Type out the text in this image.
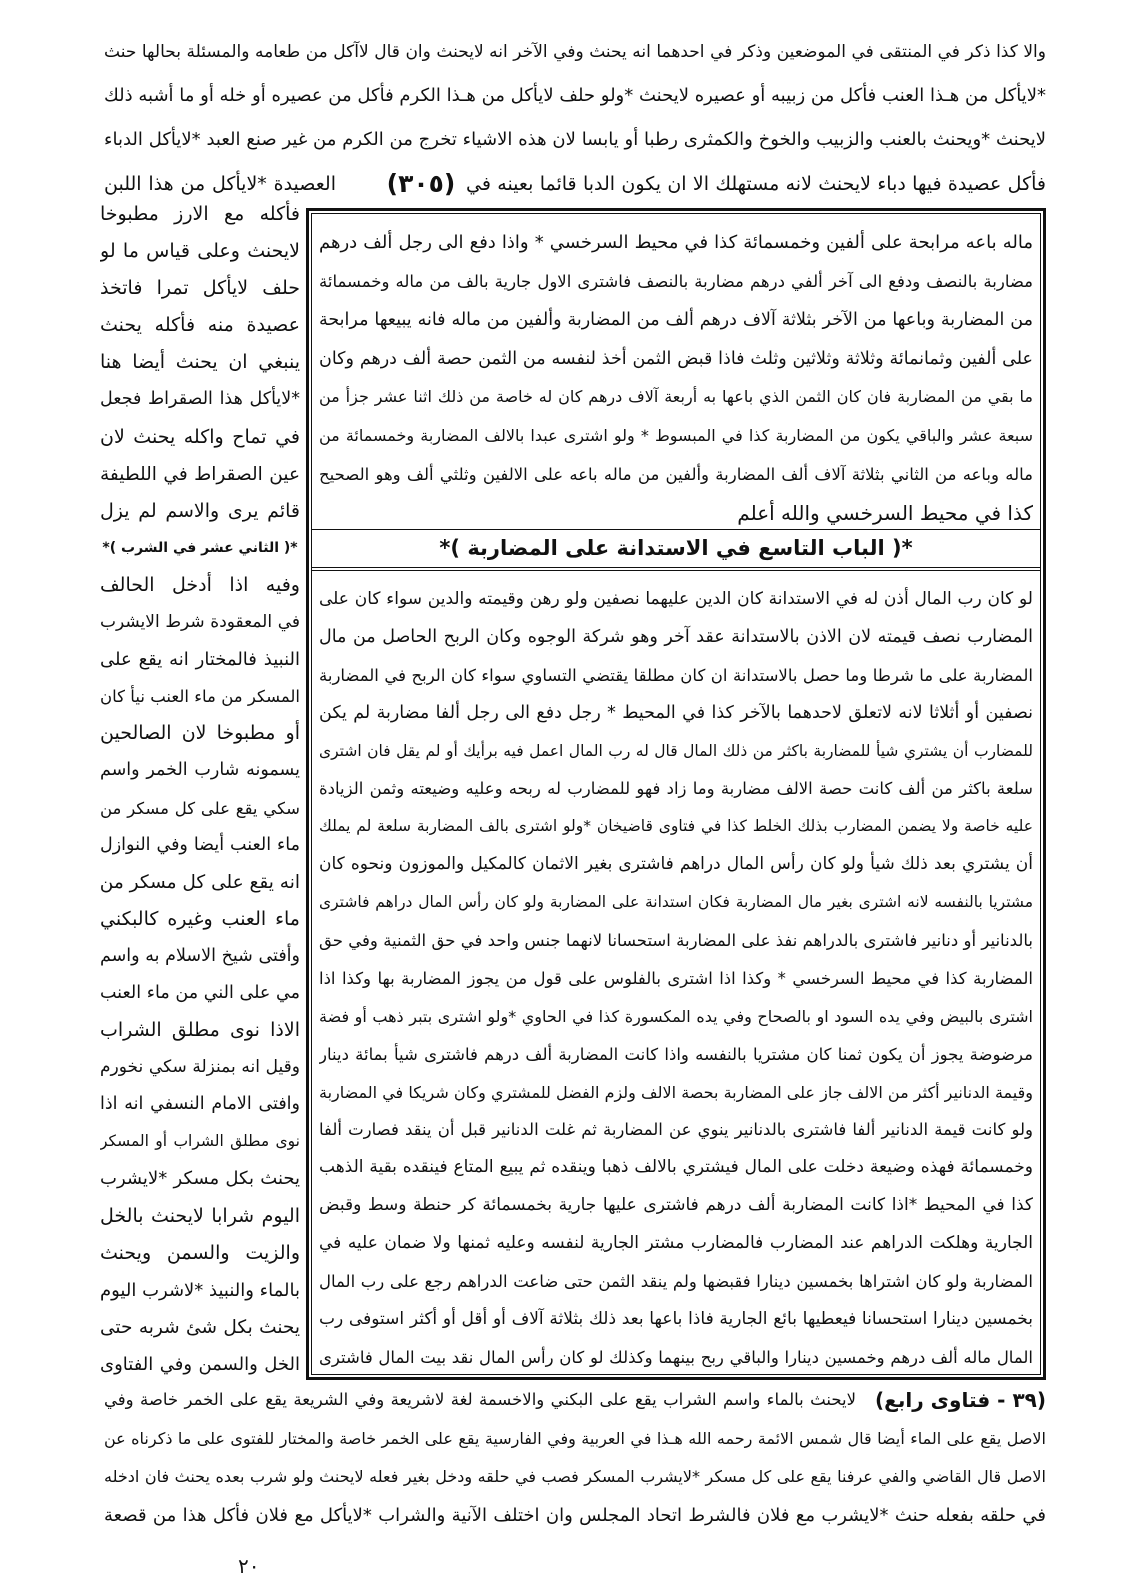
والا كذا ذكر في المنتقى في الموضعين وذكر في احدهما انه يحنث وفي الآخر انه لايحنث وان قال لاآكل من طعامه والمسئلة بحالها حنث
*لايأكل من هـذا العنب فأكل من زبيبه أو عصيره لايحنث *ولو حلف لايأكل من هـذا الكرم فأكل من عصيره أو خله أو ما أشبه ذلك
لايحنث *ويحنث بالعنب والزبيب والخوخ والكمثرى رطبا أو يابسا لان هذه الاشياء تخرج من الكرم من غير صنع العبد *لايأكل الدباء
فأكل عصيدة فيها دباء لايحنث لانه مستهلك الا ان يكون الدبا قائما بعينه في
(٣٠٥)
العصيدة *لايأكل من هذا اللبن
فأكله مع الارز مطبوخا
لايحنث وعلى قياس ما لو
حلف لايأكل تمرا فاتخذ
عصيدة منه فأكله يحنث
ينبغي ان يحنث أيضا هنا
*لايأكل هذا الصقراط فجعل
في تماح واكله يحنث لان
عين الصقراط في اللطيفة
قائم يرى والاسم لم يزل
*( الثاني عشر في الشرب )*
وفيه اذا أدخل الحالف
في المعقودة شرط الايشرب
النبيذ فالمختار انه يقع على
المسكر من ماء العنب نيأ كان
أو مطبوخا لان الصالحين
يسمونه شارب الخمر واسم
سكي يقع على كل مسكر من
ماء العنب أيضا وفي النوازل
انه يقع على كل مسكر من
ماء العنب وغيره كالبكني
وأفتى شيخ الاسلام به واسم
مي على الني من ماء العنب
الاذا نوى مطلق الشراب
وقيل انه بمنزلة سكي نخورم
وافتى الامام النسفي انه اذا
نوى مطلق الشراب أو المسكر
يحنث بكل مسكر *لايشرب
اليوم شرابا لايحنث بالخل
والزيت والسمن ويحنث
بالماء والنبيذ *لاشرب اليوم
يحنث بكل شئ شربه حتى
الخل والسمن وفي الفتاوى
ماله باعه مرابحة على ألفين وخمسمائة كذا في محيط السرخسي * واذا دفع الى رجل ألف درهم
مضاربة بالنصف ودفع الى آخر ألفي درهم مضاربة بالنصف فاشترى الاول جارية بالف من ماله وخمسمائة
من المضاربة وباعها من الآخر بثلاثة آلاف درهم ألف من المضاربة وألفين من ماله فانه يبيعها مرابحة
على ألفين وثمانمائة وثلاثة وثلاثين وثلث فاذا قبض الثمن أخذ لنفسه من الثمن حصة ألف درهم وكان
ما بقي من المضاربة فان كان الثمن الذي باعها به أربعة آلاف درهم كان له خاصة من ذلك اثنا عشر جزأ من
سبعة عشر والباقي يكون من المضاربة كذا في المبسوط * ولو اشترى عبدا بالالف المضاربة وخمسمائة من
ماله وباعه من الثاني بثلاثة آلاف ألف المضاربة وألفين من ماله باعه على الالفين وثلثي ألف وهو الصحيح
كذا في محيط السرخسي والله أعلم
*( الباب التاسع في الاستدانة على المضاربة )*
لو كان رب المال أذن له في الاستدانة كان الدين عليهما نصفين ولو رهن وقيمته والدين سواء كان على
المضارب نصف قيمته لان الاذن بالاستدانة عقد آخر وهو شركة الوجوه وكان الربح الحاصل من مال
المضاربة على ما شرطا وما حصل بالاستدانة ان كان مطلقا يقتضي التساوي سواء كان الربح في المضاربة
نصفين أو أثلاثا لانه لاتعلق لاحدهما بالآخر كذا في المحيط * رجل دفع الى رجل ألفا مضاربة لم يكن
للمضارب أن يشتري شيأ للمضاربة باكثر من ذلك المال قال له رب المال اعمل فيه برأيك أو لم يقل فان اشترى
سلعة باكثر من ألف كانت حصة الالف مضاربة وما زاد فهو للمضارب له ربحه وعليه وضيعته وثمن الزيادة
عليه خاصة ولا يضمن المضارب بذلك الخلط كذا في فتاوى قاضيخان *ولو اشترى بالف المضاربة سلعة لم يملك
أن يشتري بعد ذلك شيأ ولو كان رأس المال دراهم فاشترى بغير الاثمان كالمكيل والموزون ونحوه كان
مشتريا بالنفسه لانه اشترى بغير مال المضاربة فكان استدانة على المضاربة ولو كان رأس المال دراهم فاشترى
بالدنانير أو دنانير فاشترى بالدراهم نفذ على المضاربة استحسانا لانهما جنس واحد في حق الثمنية وفي حق
المضاربة كذا في محيط السرخسي * وكذا اذا اشترى بالفلوس على قول من يجوز المضاربة بها وكذا اذا
اشترى بالبيض وفي يده السود او بالصحاح وفي يده المكسورة كذا في الحاوي *ولو اشترى بتبر ذهب أو فضة
مرضوضة يجوز أن يكون ثمنا كان مشتريا بالنفسه واذا كانت المضاربة ألف درهم فاشترى شيأ بمائة دينار
وقيمة الدنانير أكثر من الالف جاز على المضاربة بحصة الالف ولزم الفضل للمشتري وكان شريكا في المضاربة
ولو كانت قيمة الدنانير ألفا فاشترى بالدنانير ينوي عن المضاربة ثم غلت الدنانير قبل أن ينقد فصارت ألفا
وخمسمائة فهذه وضيعة دخلت على المال فيشتري بالالف ذهبا وينقده ثم يبيع المتاع فينقده بقية الذهب
كذا في المحيط *اذا كانت المضاربة ألف درهم فاشترى عليها جارية بخمسمائة كر حنطة وسط وقبض
الجارية وهلكت الدراهم عند المضارب فالمضارب مشتر الجارية لنفسه وعليه ثمنها ولا ضمان عليه في
المضاربة ولو كان اشتراها بخمسين دينارا فقبضها ولم ينقد الثمن حتى ضاعت الدراهم رجع على رب المال
بخمسين دينارا استحسانا فيعطيها بائع الجارية فاذا باعها بعد ذلك بثلاثة آلاف أو أقل أو أكثر استوفى رب
المال ماله ألف درهم وخمسين دينارا والباقي ربح بينهما وكذلك لو كان رأس المال نقد بيت المال فاشترى
(٣٩ - فتاوى رابع)
لايحنث بالماء واسم الشراب يقع على البكني والاخسمة لغة لاشريعة وفي الشريعة يقع على الخمر خاصة وفي
الاصل يقع على الماء أيضا قال شمس الائمة رحمه الله هـذا في العربية وفي الفارسية يقع على الخمر خاصة والمختار للفتوى على ما ذكرناه عن
الاصل قال القاضي والفي عرفنا يقع على كل مسكر *لايشرب المسكر فصب في حلقه ودخل بغير فعله لايحنث ولو شرب بعده يحنث فان ادخله
في حلقه بفعله حنث *لايشرب مع فلان فالشرط اتحاد المجلس وان اختلف الآنية والشراب *لايأكل مع فلان فأكل هذا من قصعة
٢٠
